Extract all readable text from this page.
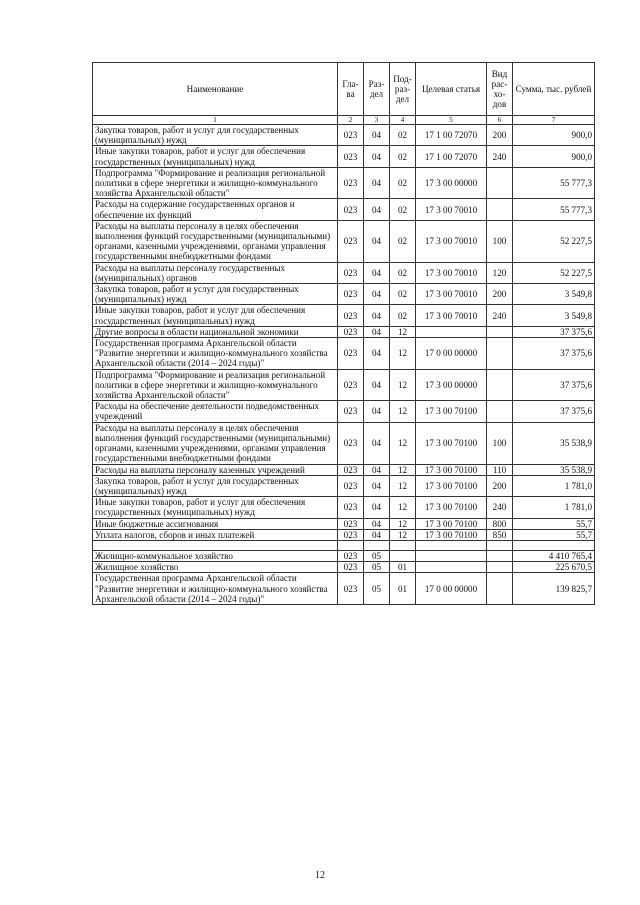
Наименование	Гла-ва	Раз-дел	Под-раз-дел	Целевая статья	Вид рас-хо-дов	Сумма, тыс. рублей
1	2	3	4	5	6	7
Закупка товаров, работ и услуг для государственных (муниципальных) нужд	023	04	02	17 1 00 72070	200	900,0
Иные закупки товаров, работ и услуг для обеспечения государственных (муниципальных) нужд	023	04	02	17 1 00 72070	240	900,0
Подпрограмма "Формирование и реализация региональной политики в сфере энергетики и жилищно-коммунального хозяйства Архангельской области"	023	04	02	17 3 00 00000		55 777,3
Расходы на содержание государственных органов и обеспечение их функций	023	04	02	17 3 00 70010		55 777,3
Расходы на выплаты персоналу в целях обеспечения выполнения функций государственными (муниципальными) органами, казенными учреждениями, органами управления государственными внебюджетными фондами	023	04	02	17 3 00 70010	100	52 227,5
Расходы на выплаты персоналу государственных (муниципальных) органов	023	04	02	17 3 00 70010	120	52 227,5
Закупка товаров, работ и услуг для государственных (муниципальных) нужд	023	04	02	17 3 00 70010	200	3 549,8
Иные закупки товаров, работ и услуг для обеспечения государственных (муниципальных) нужд	023	04	02	17 3 00 70010	240	3 549,8
Другие вопросы в области национальной экономики	023	04	12			37 375,6
Государственная программа Архангельской области "Развитие энергетики и жилищно-коммунального хозяйства Архангельской области (2014 – 2024 годы)"	023	04	12	17 0 00 00000		37 375,6
Подпрограмма "Формирование и реализация региональной политики в сфере энергетики и жилищно-коммунального хозяйства Архангельской области"	023	04	12	17 3 00 00000		37 375,6
Расходы на обеспечение деятельности подведомственных учреждений	023	04	12	17 3 00 70100		37 375,6
Расходы на выплаты персоналу в целях обеспечения выполнения функций государственными (муниципальными) органами, казенными учреждениями, органами управления государственными внебюджетными фондами	023	04	12	17 3 00 70100	100	35 538,9
Расходы на выплаты персоналу казенных учреждений	023	04	12	17 3 00 70100	110	35 538,9
Закупка товаров, работ и услуг для государственных (муниципальных) нужд	023	04	12	17 3 00 70100	200	1 781,0
Иные закупки товаров, работ и услуг для обеспечения государственных (муниципальных) нужд	023	04	12	17 3 00 70100	240	1 781,0
Иные бюджетные ассигнования	023	04	12	17 3 00 70100	800	55,7
Уплата налогов, сборов и иных платежей	023	04	12	17 3 00 70100	850	55,7

Жилищно-коммунальное хозяйство	023	05				4 410 765,4
Жилищное хозяйство	023	05	01			225 670,5
Государственная программа Архангельской области "Развитие энергетики и жилищно-коммунального хозяйства Архангельской области (2014 – 2024 годы)"	023	05	01	17 0 00 00000		139 825,7
12
